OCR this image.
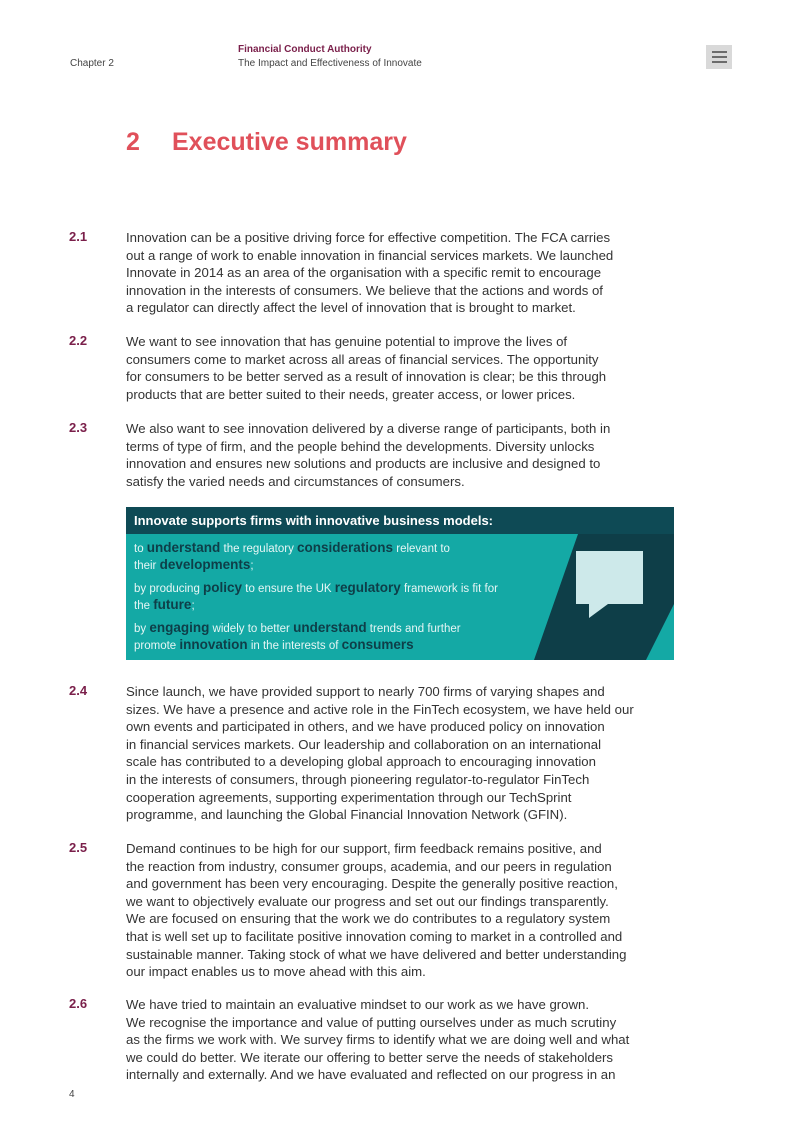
Chapter 2
Financial Conduct Authority
The Impact and Effectiveness of Innovate
2 Executive summary
2.1	Innovation can be a positive driving force for effective competition. The FCA carries
out a range of work to enable innovation in financial services markets. We launched
Innovate in 2014 as an area of the organisation with a specific remit to encourage
innovation in the interests of consumers. We believe that the actions and words of
a regulator can directly affect the level of innovation that is brought to market.
2.2	We want to see innovation that has genuine potential to improve the lives of
consumers come to market across all areas of financial services. The opportunity
for consumers to be better served as a result of innovation is clear; be this through
products that are better suited to their needs, greater access, or lower prices.
2.3	We also want to see innovation delivered by a diverse range of participants, both in
terms of type of firm, and the people behind the developments. Diversity unlocks
innovation and ensures new solutions and products are inclusive and designed to
satisfy the varied needs and circumstances of consumers.
Innovate supports firms with innovative business models:
to understand the regulatory considerations relevant to
their developments;
by producing policy to ensure the UK regulatory framework is fit for
the future;
by engaging widely to better understand trends and further
promote innovation in the interests of consumers
2.4	Since launch, we have provided support to nearly 700 firms of varying shapes and
sizes. We have a presence and active role in the FinTech ecosystem, we have held our
own events and participated in others, and we have produced policy on innovation
in financial services markets. Our leadership and collaboration on an international
scale has contributed to a developing global approach to encouraging innovation
in the interests of consumers, through pioneering regulator-to-regulator FinTech
cooperation agreements, supporting experimentation through our TechSprint
programme, and launching the Global Financial Innovation Network (GFIN).
2.5	Demand continues to be high for our support, firm feedback remains positive, and
the reaction from industry, consumer groups, academia, and our peers in regulation
and government has been very encouraging. Despite the generally positive reaction,
we want to objectively evaluate our progress and set out our findings transparently.
We are focused on ensuring that the work we do contributes to a regulatory system
that is well set up to facilitate positive innovation coming to market in a controlled and
sustainable manner. Taking stock of what we have delivered and better understanding
our impact enables us to move ahead with this aim.
2.6	We have tried to maintain an evaluative mindset to our work as we have grown.
We recognise the importance and value of putting ourselves under as much scrutiny
as the firms we work with. We survey firms to identify what we are doing well and what
we could do better. We iterate our offering to better serve the needs of stakeholders
internally and externally. And we have evaluated and reflected on our progress in an
4
